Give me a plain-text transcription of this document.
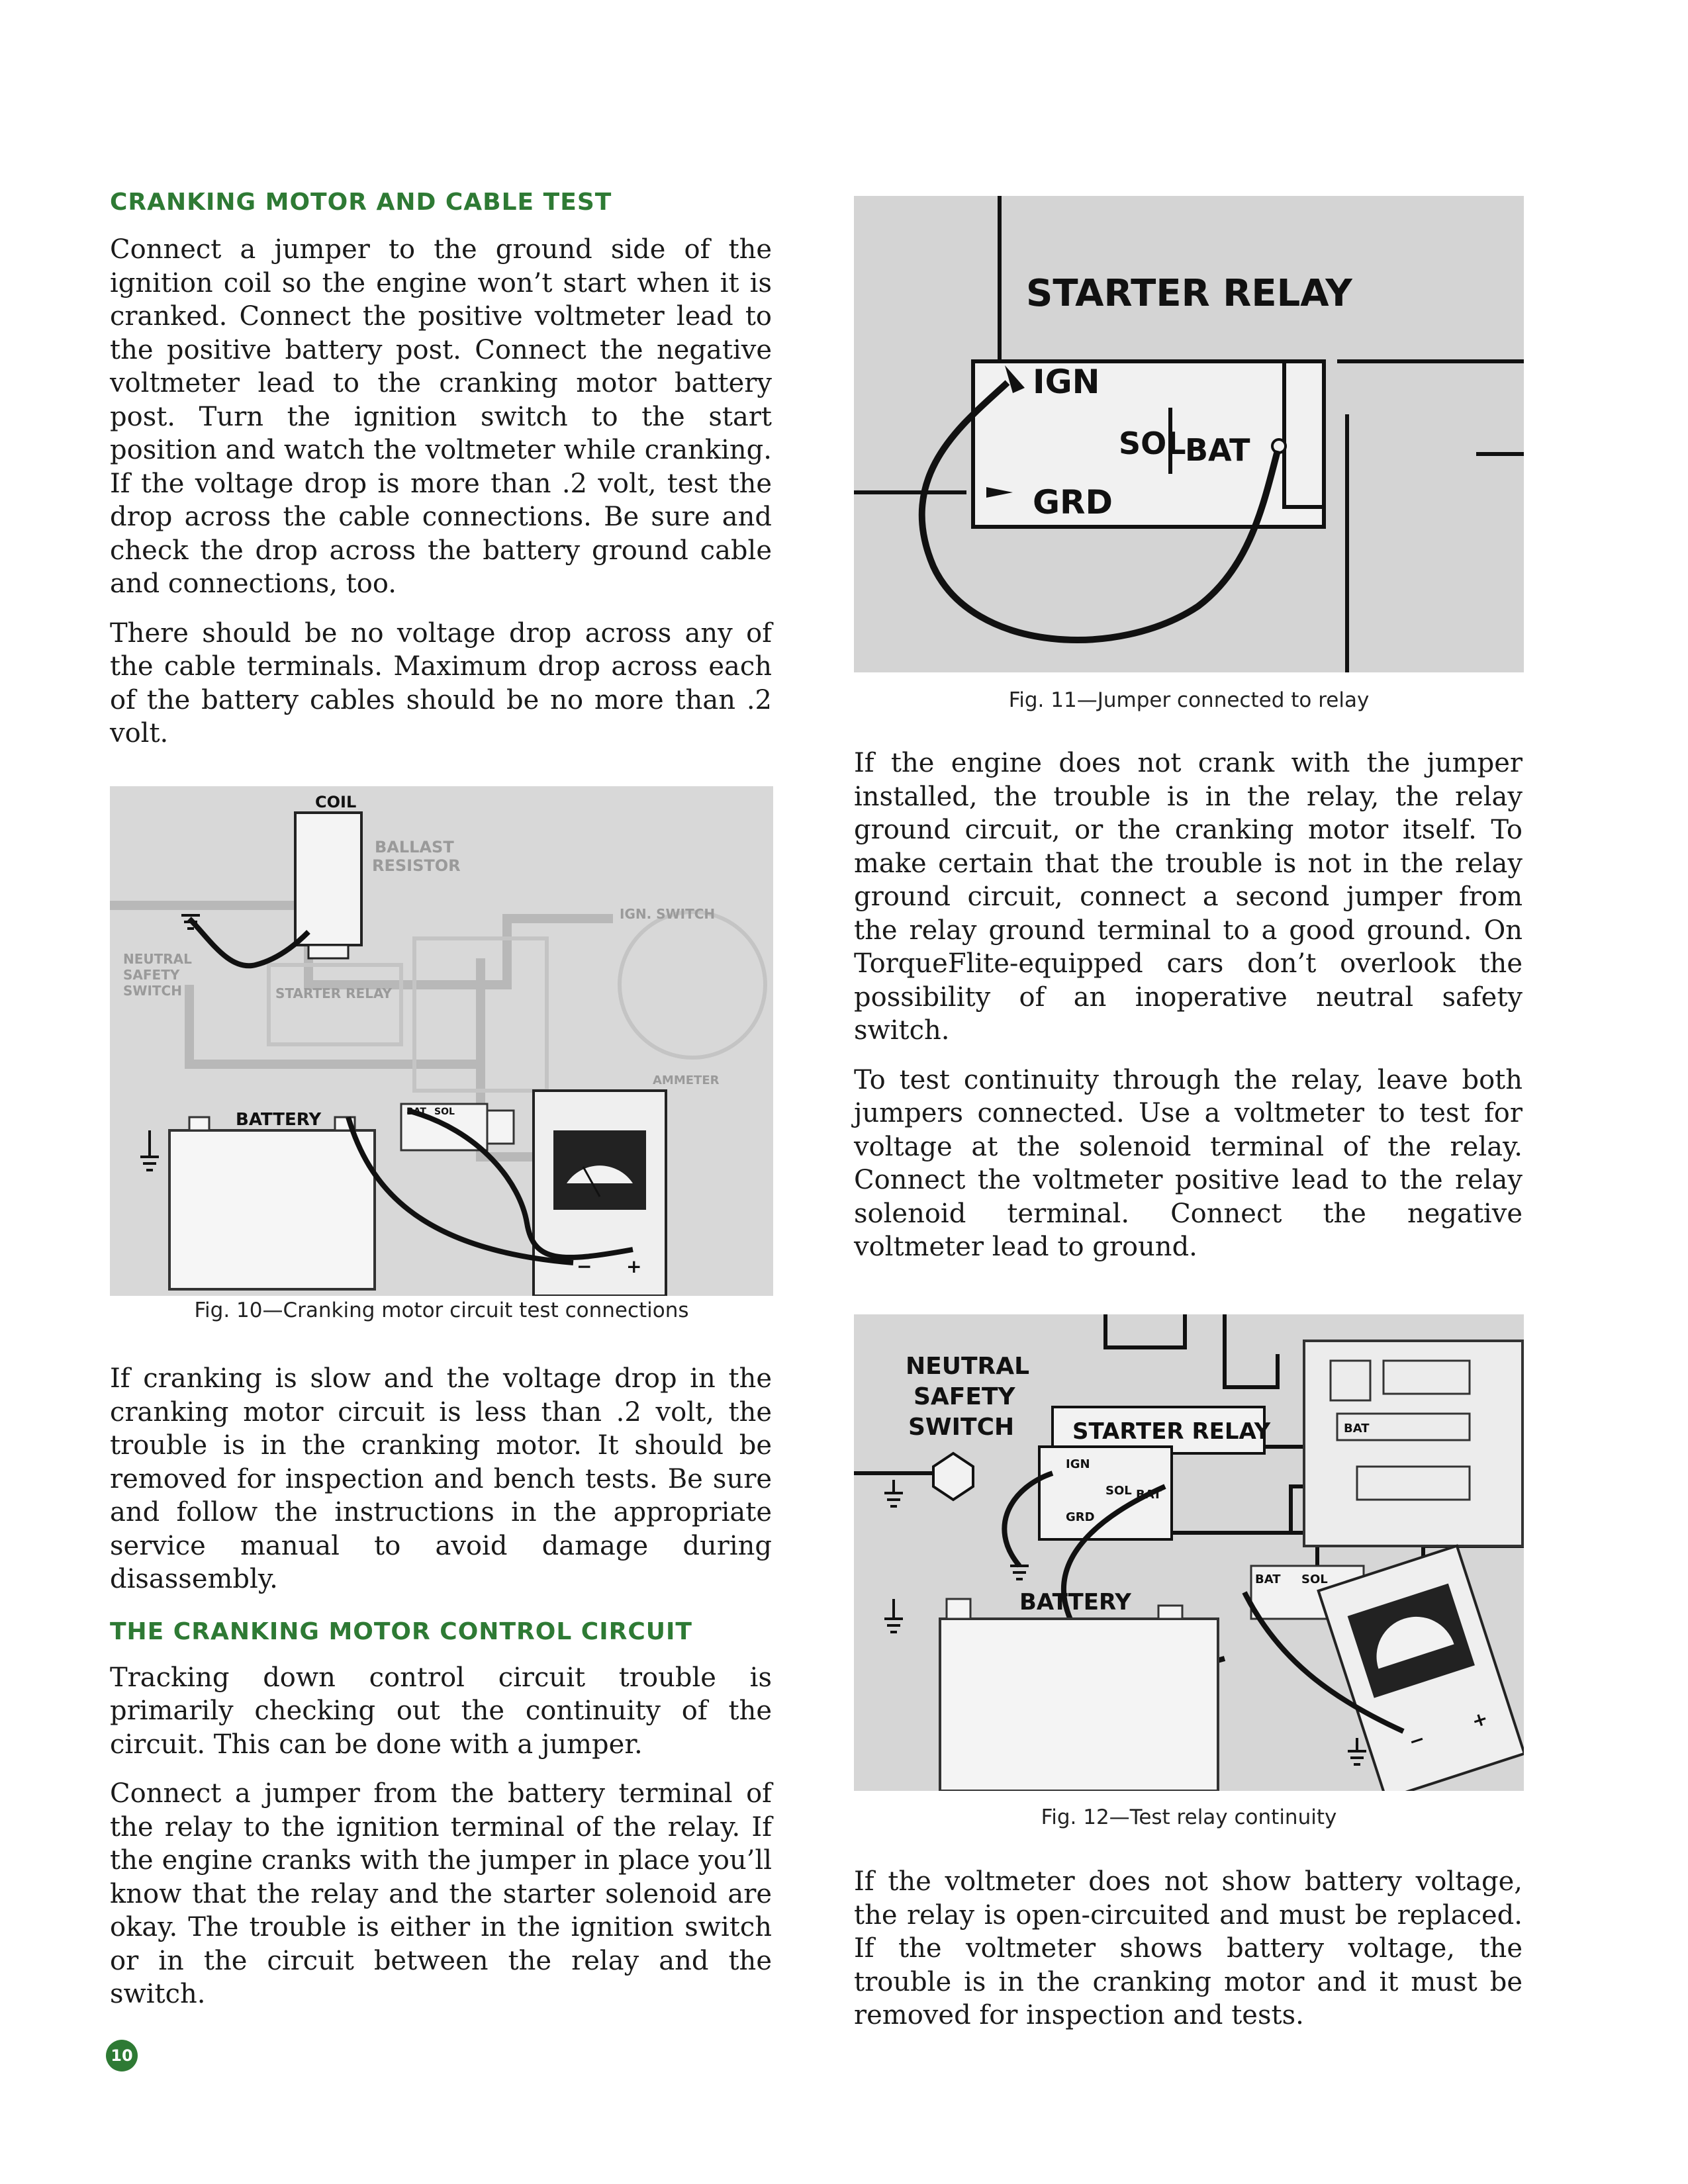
CRANKING MOTOR AND CABLE TEST

Connect a jumper to the ground side of the ignition coil so the engine won’t start when it is cranked. Connect the positive voltmeter lead to the positive battery post. Connect the negative voltmeter lead to the cranking motor battery post. Turn the ignition switch to the start position and watch the voltmeter while cranking. If the voltage drop is more than .2 volt, test the drop across the cable connections. Be sure and check the drop across the battery ground cable and connections, too.

There should be no voltage drop across any of the cable terminals. Maximum drop across each of the battery cables should be no more than .2 volt.

COIL
BALLAST
RESISTOR
IGN. SWITCH
NEUTRAL
SAFETY
SWITCH	STARTER RELAY
AMMETER
BATTERY	BAT SOL
− +
Fig. 10—Cranking motor circuit test connections

If cranking is slow and the voltage drop in the cranking motor circuit is less than .2 volt, the trouble is in the cranking motor. It should be removed for inspection and bench tests. Be sure and follow the instructions in the appropriate service manual to avoid damage during disassembly.

THE CRANKING MOTOR CONTROL CIRCUIT

Tracking down control circuit trouble is primarily checking out the continuity of the circuit. This can be done with a jumper.

Connect a jumper from the battery terminal of the relay to the ignition terminal of the relay. If the engine cranks with the jumper in place you’ll know that the relay and the starter solenoid are okay. The trouble is either in the ignition switch or in the circuit between the relay and the switch.

STARTER RELAY
IGN
SOL
BAT
GRD
Fig. 11—Jumper connected to relay

If the engine does not crank with the jumper installed, the trouble is in the relay, the relay ground circuit, or the cranking motor itself. To make certain that the trouble is not in the relay ground circuit, connect a second jumper from the relay ground terminal to a good ground. On TorqueFlite-equipped cars don’t overlook the possibility of an inoperative neutral safety switch.

To test continuity through the relay, leave both jumpers connected. Use a voltmeter to test for voltage at the solenoid terminal of the relay. Connect the voltmeter positive lead to the relay solenoid terminal. Connect the negative voltmeter lead to ground.

BAT
NEUTRAL
SAFETY
SWITCH	STARTER RELAY
IGN
SOL BAT
GRD
BATTERY
BAT SOL
−
+
Fig. 12—Test relay continuity

If the voltmeter does not show battery voltage, the relay is open-circuited and must be replaced. If the voltmeter shows battery voltage, the trouble is in the cranking motor and it must be removed for inspection and tests.

10
